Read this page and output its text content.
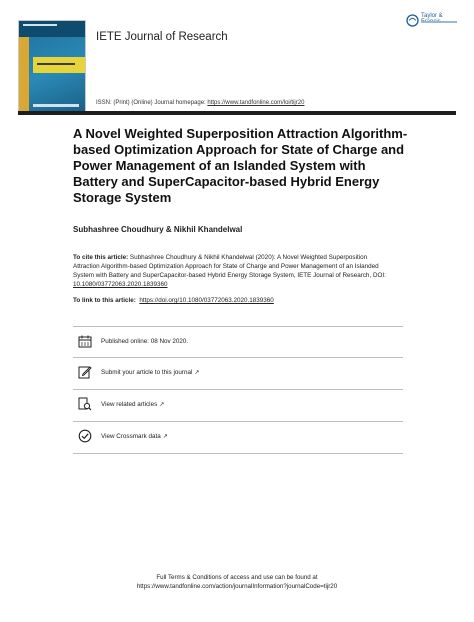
IETE Journal of Research
Taylor &
ISSN: (Print) (Online) Journal homepage: https://www.tandfonline.com/loi/tijr20
A Novel Weighted Superposition Attraction Algorithm-based Optimization Approach for State of Charge and Power Management of an Islanded System with Battery and SuperCapacitor-based Hybrid Energy Storage System
Subhashree Choudhury & Nikhil Khandelwal
To cite this article: Subhashree Choudhury & Nikhil Khandelwal (2020): A Novel Weighted Superposition Attraction Algorithm-based Optimization Approach for State of Charge and Power Management of an Islanded System with Battery and SuperCapacitor-based Hybrid Energy Storage System, IETE Journal of Research, DOI: 10.1080/03772063.2020.1839360
To link to this article: https://doi.org/10.1080/03772063.2020.1839360
Published online: 08 Nov 2020.
Submit your article to this journal ↗
View related articles ↗
View Crossmark data ↗
Full Terms & Conditions of access and use can be found at
https://www.tandfonline.com/action/journalInformation?journalCode=tijr20
